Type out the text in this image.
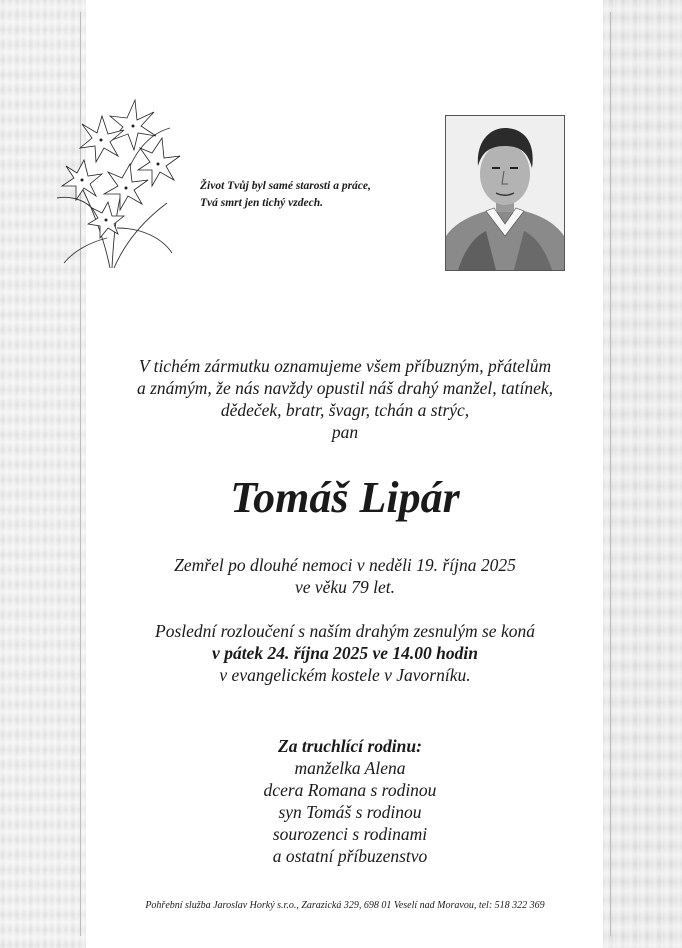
Život Tvůj byl samé starosti a práce,
Tvá smrt jen tichý vzdech.

V tichém zármutku oznamujeme všem příbuzným, přátelům
a známým, že nás navždy opustil náš drahý manžel, tatínek,
dědeček, bratr, švagr, tchán a strýc,
pan
Tomáš Lipár
Zemřel po dlouhé nemoci v neděli 19. října 2025
ve věku 79 let.
Poslední rozloučení s naším drahým zesnulým se koná
v pátek 24. října 2025 ve 14.00 hodin
v evangelickém kostele v Javorníku.
Za truchlící rodinu:
manželka Alena
dcera Romana s rodinou
syn Tomáš s rodinou
sourozenci s rodinami
a ostatní příbuzenstvo
Pohřební služba Jaroslav Horký s.r.o., Zarazická 329, 698 01 Veselí nad Moravou, tel: 518 322 369
